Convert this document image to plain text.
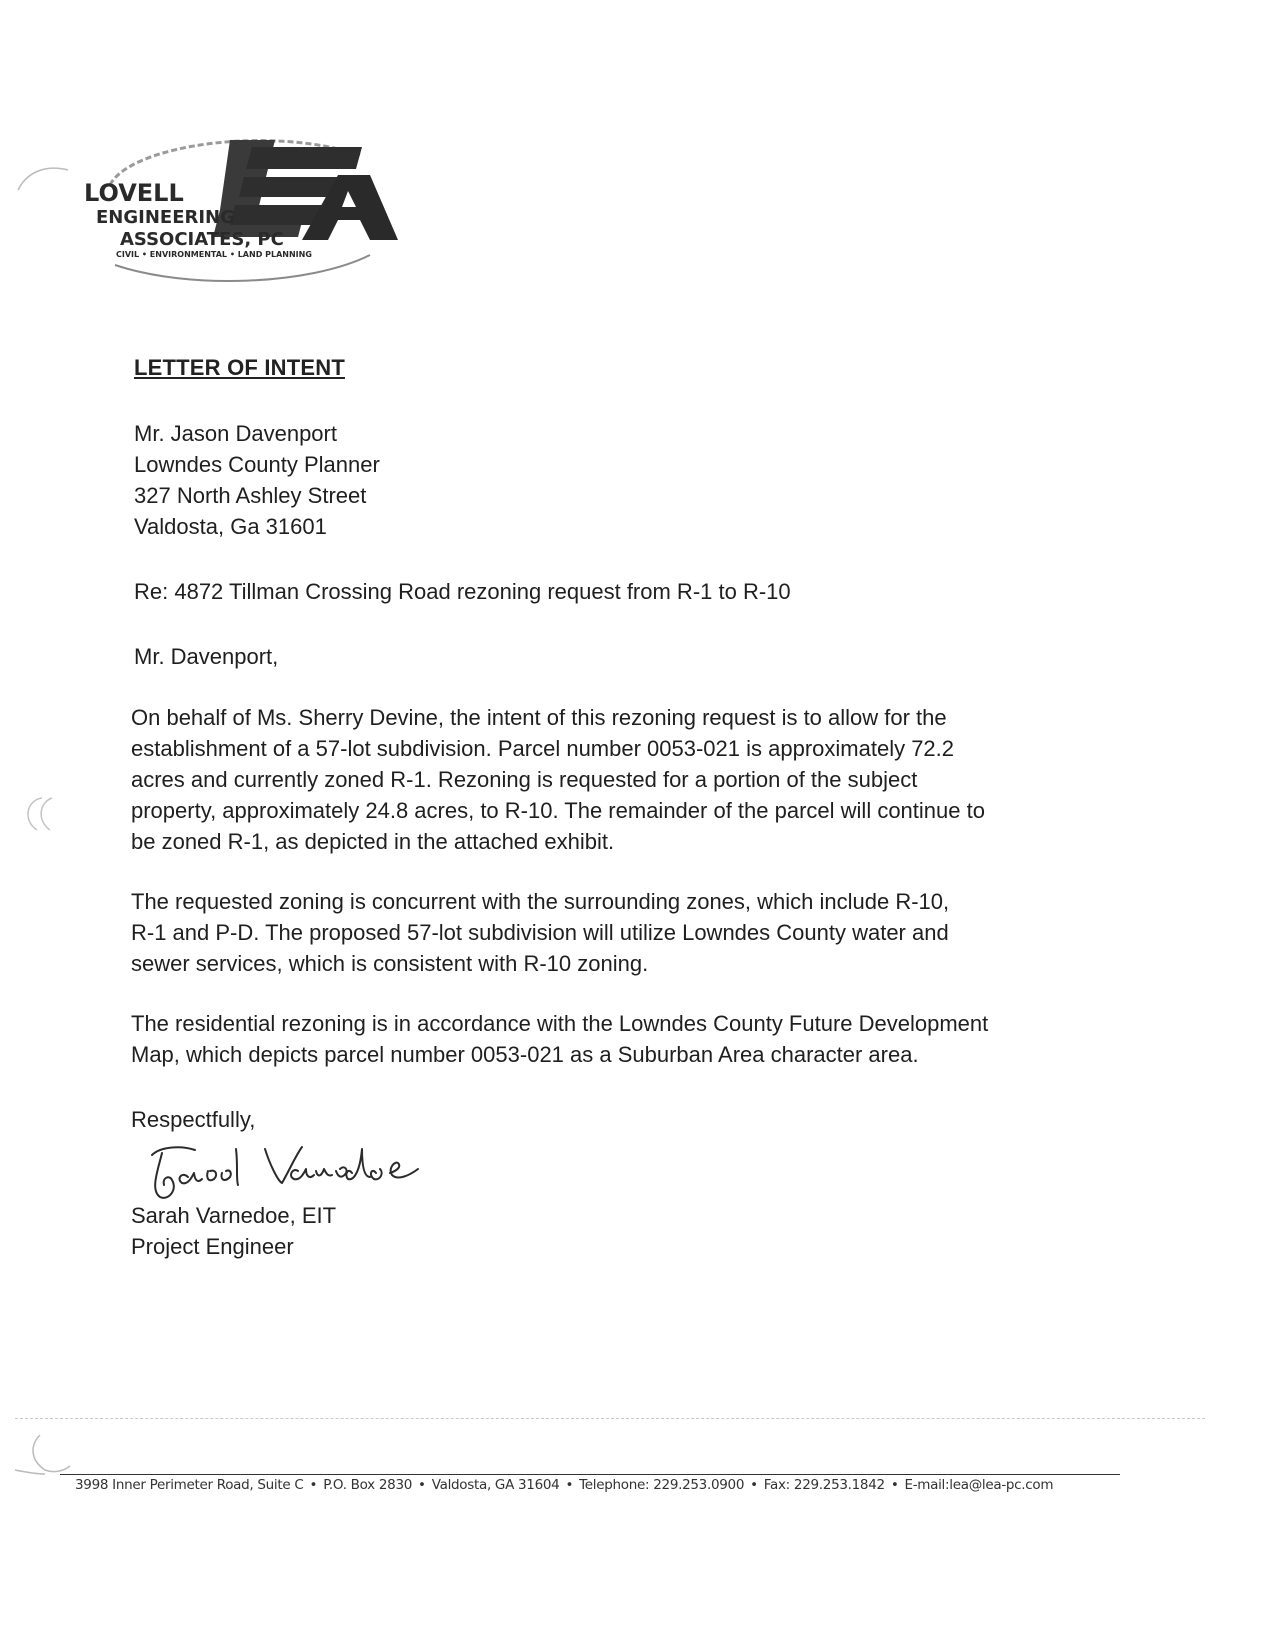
LOVELL
ENGINEERING
ASSOCIATES, PC
CIVIL • ENVIRONMENTAL • LAND PLANNING
LETTER OF INTENT
Mr. Jason Davenport
Lowndes County Planner
327 North Ashley Street
Valdosta, Ga 31601
Re: 4872 Tillman Crossing Road rezoning request from R-1 to R-10
Mr. Davenport,
On behalf of Ms. Sherry Devine, the intent of this rezoning request is to allow for the
establishment of a 57-lot subdivision. Parcel number 0053-021 is approximately 72.2
acres and currently zoned R-1. Rezoning is requested for a portion of the subject
property, approximately 24.8 acres, to R-10. The remainder of the parcel will continue to
be zoned R-1, as depicted in the attached exhibit.
The requested zoning is concurrent with the surrounding zones, which include R-10,
R-1 and P-D. The proposed 57-lot subdivision will utilize Lowndes County water and
sewer services, which is consistent with R-10 zoning.
The residential rezoning is in accordance with the Lowndes County Future Development
Map, which depicts parcel number 0053-021 as a Suburban Area character area.
Respectfully,
Sarah Varnedoe, EIT
Project Engineer
3998 Inner Perimeter Road, Suite C • P.O. Box 2830 • Valdosta, GA 31604 • Telephone: 229.253.0900 • Fax: 229.253.1842 • E-mail:lea@lea-pc.com
